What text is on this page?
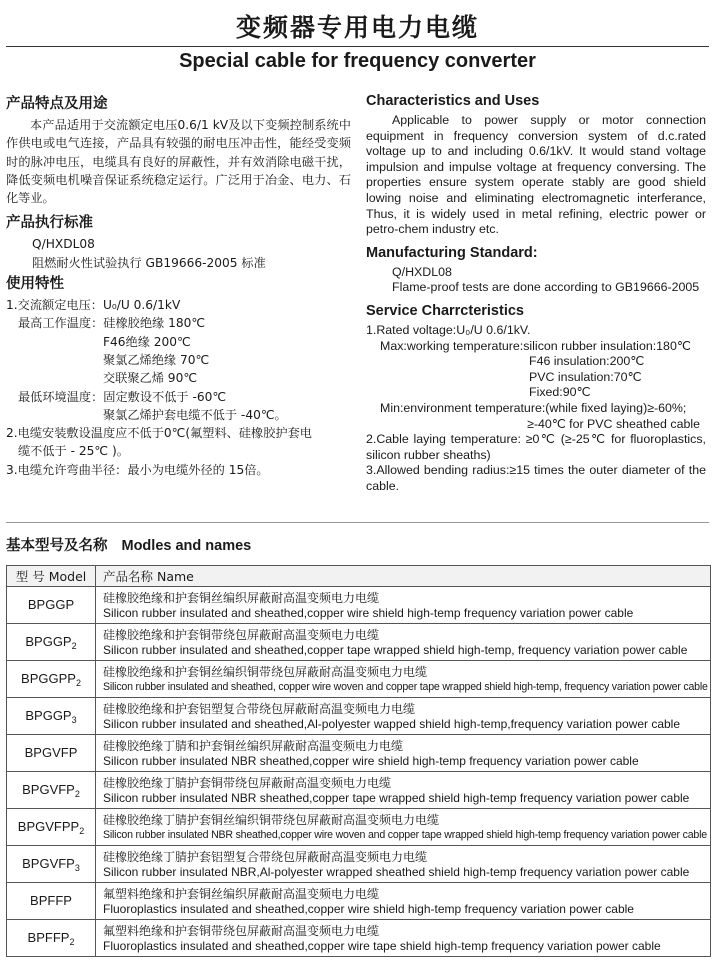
变频器专用电力电缆
Special cable for frequency converter
产品特点及用途

本产品适用于交流额定电压0.6/1 kV及以下变频控制系统中作供电或电气连接，产品具有较强的耐电压冲击性，能经受变频时的脉冲电压，电缆具有良好的屏蔽性，并有效消除电磁干扰，降低变频电机噪音保证系统稳定运行。广泛用于冶金、电力、石化等业。

产品执行标准

Q/HXDL08

阻燃耐火性试验执行 GB19666-2005 标准

使用特性

1.交流额定电压：U₀/U 0.6/1kV

最高工作温度：硅橡胶绝缘 180℃

F46绝缘 200℃

聚氯乙烯绝缘 70℃

交联聚乙烯 90℃

最低环境温度：固定敷设不低于 -60℃

聚氯乙烯护套电缆不低于 -40℃。

2.电缆安装敷设温度应不低于0℃(氟塑料、硅橡胶护套电

缆不低于 - 25℃ )。

3.电缆允许弯曲半径：最小为电缆外径的 15倍。

Characteristics and Uses

Applicable to power supply or motor connection equipment in frequency conversion system of d.c.rated voltage up to and including 0.6/1kV. It would stand voltage impulsion and impulse voltage at frequency conversing. The properties ensure system operate stably are good shield lowing noise and eliminating electromagnetic interferance, Thus, it is widely used in metal refining, electric power or petro-chem industry etc.

Manufacturing Standard:

Q/HXDL08

Flame-proof tests are done according to GB19666-2005

Service Charrcteristics

1.Rated voltage:U₀/U 0.6/1kV.

Max:working temperature:silicon rubber insulation:180℃

F46 insulation:200℃

PVC insulation:70℃

Fixed:90℃

Min:environment temperature:(while fixed laying)≥-60%;

≥-40℃ for PVC sheathed cable

2.Cable laying temperature: ≥0℃ (≥-25℃ for fluoroplastics, silicon rubber sheaths)

3.Allowed bending radius:≥15 times the outer diameter of the cable.

基本型号及名称 Modles and names
型 号 Model	产品名称 Name
BPGGP	硅橡胶绝缘和护套铜丝编织屏蔽耐高温变频电力电缆
Silicon rubber insulated and sheathed,copper wire shield high-temp frequency variation power cable

$BPGGP_2$	硅橡胶绝缘和护套铜带绕包屏蔽耐高温变频电力电缆
Silicon rubber insulated and sheathed,copper tape wrapped shield high-temp, frequency variation power cable

$BPGGPP_2$	硅橡胶绝缘和护套铜丝编织铜带绕包屏蔽耐高温变频电力电缆
Silicon rubber insulated and sheathed, copper wire woven and copper tape wrapped shield high-temp, frequency variation power cable

$BPGGP_3$	硅橡胶绝缘和护套铝塑复合带绕包屏蔽耐高温变频电力电缆
Silicon rubber insulated and sheathed,Al-polyester wapped shield high-temp,frequency variation power cable

BPGVFP	硅橡胶绝缘丁腈和护套铜丝编织屏蔽耐高温变频电力电缆
Silicon rubber insulated NBR sheathed,copper wire shield high-temp frequency variation power cable

$BPGVFP_2$	硅橡胶绝缘丁腈护套铜带绕包屏蔽耐高温变频电力电缆
Silicon rubber insulated NBR sheathed,copper tape wrapped shield high-temp frequency variation power cable

$BPGVFPP_2$	硅橡胶绝缘丁腈护套铜丝编织铜带绕包屏蔽耐高温变频电力电缆
Silicon rubber insulated NBR sheathed,copper wire woven and copper tape wrapped shield high-temp frequency variation power cable

$BPGVFP_3$	硅橡胶绝缘丁腈护套铝塑复合带绕包屏蔽耐高温变频电力电缆
Silicon rubber insulated NBR,Al-polyester wrapped sheathed shield high-temp frequency variation power cable

BPFFP	氟塑料绝缘和护套铜丝编织屏蔽耐高温变频电力电缆
Fluoroplastics insulated and sheathed,copper wire shield high-temp frequency variation power cable

$BPFFP_2$	氟塑料绝缘和护套铜带绕包屏蔽耐高温变频电力电缆
Fluoroplastics insulated and sheathed,copper wire tape shield high-temp frequency variation power cable
